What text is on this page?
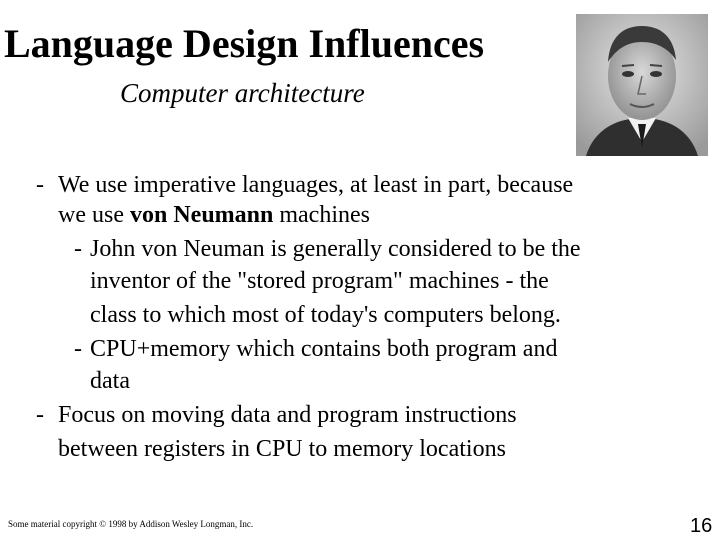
Language Design Influences
Computer architecture
- We use imperative languages, at least in part, because
we use von Neumann machines
- John von Neuman is generally considered to be the
inventor of the "stored program" machines - the
class to which most of today's computers belong.
- CPU+memory which contains both program and
data
- Focus on moving data and program instructions
between registers in CPU to memory locations
Some material copyright © 1998 by Addison Wesley Longman, Inc.	16
